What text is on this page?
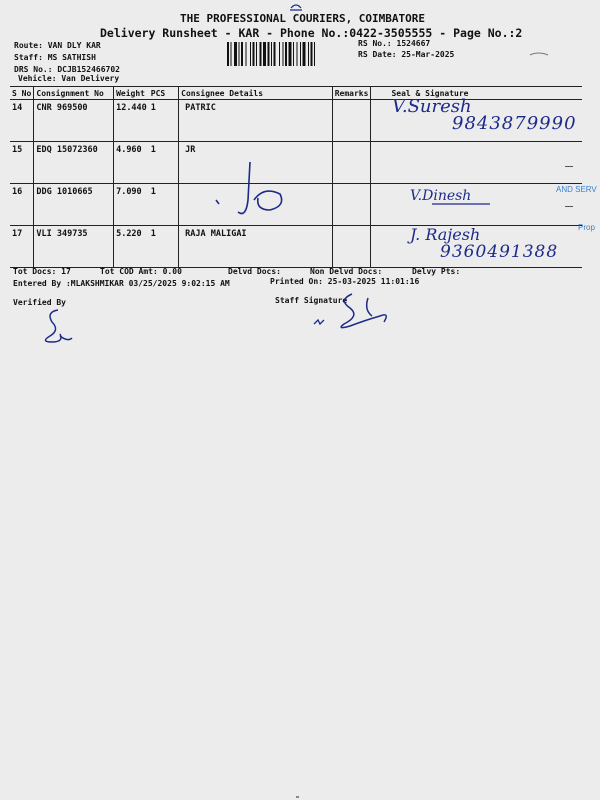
THE PROFESSIONAL COURIERS, COIMBATORE
Delivery Runsheet - KAR - Phone No.:0422-3505555 - Page No.:2
Route: VAN DLY KAR
Staff: MS SATHISH
DRS No.: DCJB152466702
Vehicle: Van Delivery
RS No.: 1524667
RS Date: 25-Mar-2025
S No	Consignment No	Weight	PCS	Consignee Details	Remarks	Seal & Signature
14	CNR 969500	12.440	1	PATRIC		
15	EDQ 15072360	4.960	1	JR		
16	DDG 1010665	7.090	1			
17	VLI 349735	5.220	1	RAJA MALIGAI		
V.Suresh
9843879990
V.Dinesh	AND SERV
Prop
J. Rajesh
9360491388
Tot Docs: 17	Tot COD Amt: 0.00	Delvd Docs:	Non Delvd Docs:	Delvy Pts:
Entered By :MLAKSHMIKAR 03/25/2025 9:02:15 AM	Printed On: 25-03-2025 11:01:16
Verified By	Staff Signature
